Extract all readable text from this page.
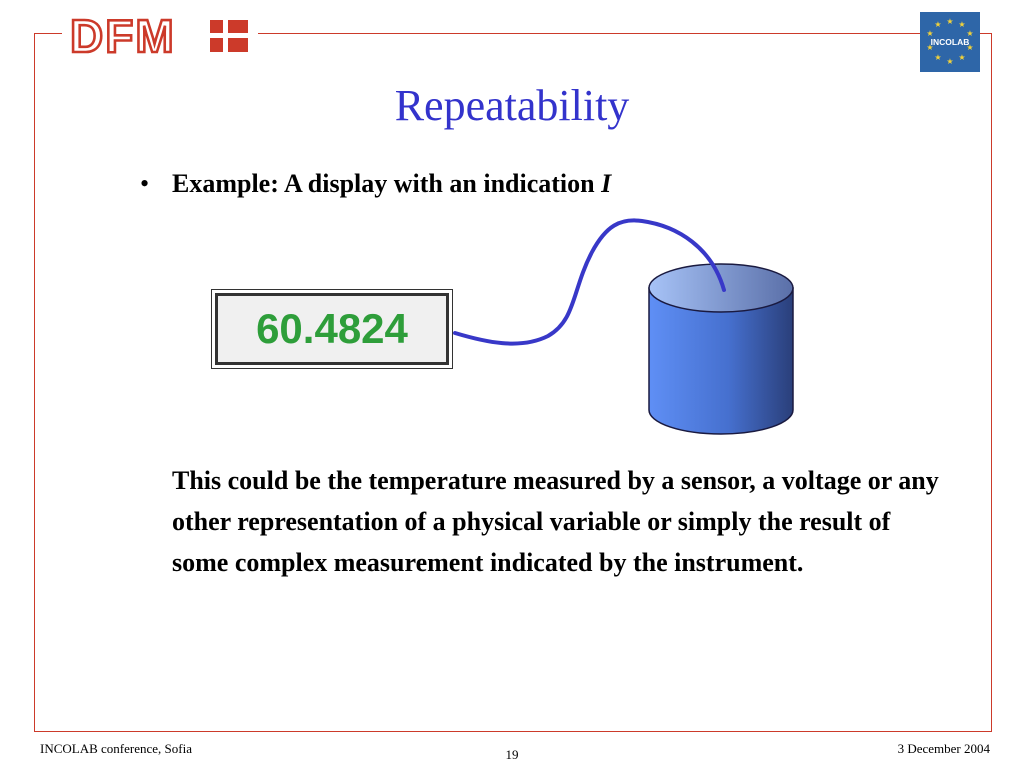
DFM	★ ★
★
★
★
★
★
★
★
★
INCOLAB
Repeatability
• Example: A display with an indication I
60.4824
This could be the temperature measured by a sensor, a voltage or any other representation of a physical variable or simply the result of some complex measurement indicated by the instrument.
INCOLAB conference, Sofia	19	3 December 2004
